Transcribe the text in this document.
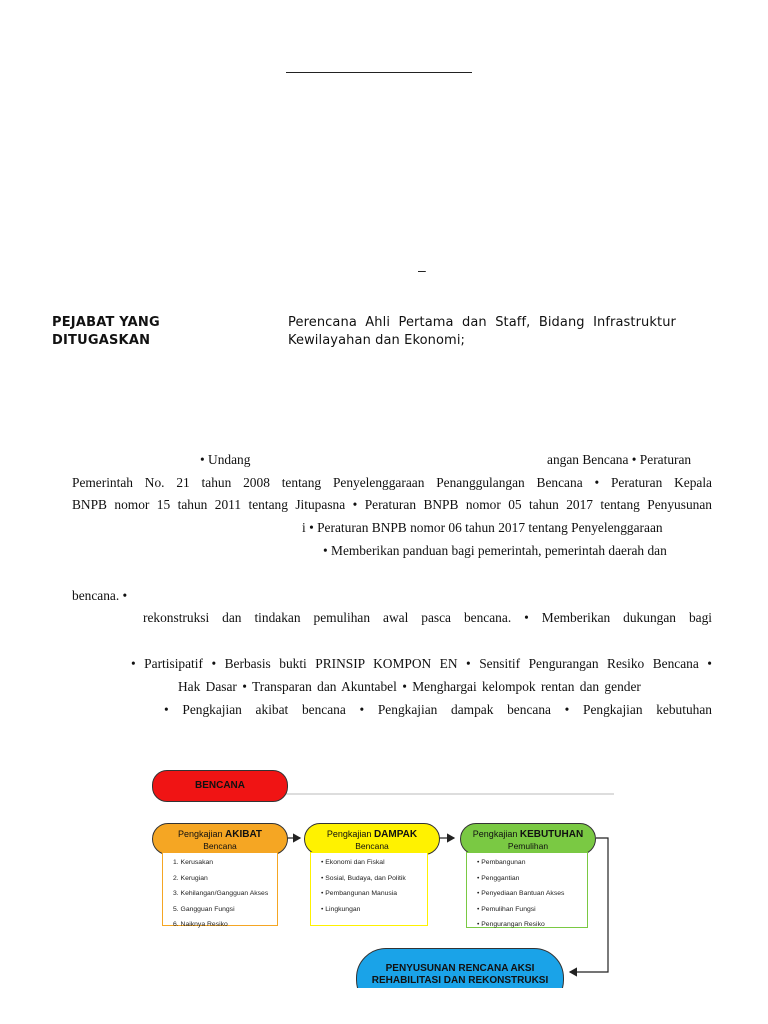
–
PEJABAT YANG
DITUGASKAN
Perencana Ahli Pertama dan Staff, Bidang Infrastruktur Kewilayahan dan Ekonomi;
• Undang	angan Bencana • Peraturan
Pemerintah No. 21 tahun 2008 tentang Penyelenggaraan Penanggulangan Bencana • Peraturan Kepala
BNPB nomor 15 tahun 2011 tentang Jitupasna • Peraturan BNPB nomor 05 tahun 2017 tentang Penyusunan
i • Peraturan BNPB nomor 06 tahun 2017 tentang Penyelenggaraan
• Memberikan panduan bagi pemerintah, pemerintah daerah dan
bencana. •
rekonstruksi dan tindakan pemulihan awal pasca bencana. • Memberikan dukungan bagi
• Partisipatif • Berbasis bukti PRINSIP KOMPON EN • Sensitif Pengurangan Resiko Bencana •
Hak Dasar • Transparan dan Akuntabel • Menghargai kelompok rentan dan gender
• Pengkajian akibat bencana • Pengkajian dampak bencana • Pengkajian kebutuhan
BENCANA
Pengkajian AKIBAT
Bencana
1. Kerusakan
2. Kerugian
3. Kehilangan/Gangguan Akses
5. Gangguan Fungsi
6. Naiknya Resiko
Pengkajian DAMPAK
Bencana
• Ekonomi dan Fiskal
• Sosial, Budaya, dan Politik
• Pembangunan Manusia
• Lingkungan
Pengkajian KEBUTUHAN
Pemulihan
• Pembangunan
• Penggantian
• Penyediaan Bantuan Akses
• Pemulihan Fungsi
• Pengurangan Resiko
PENYUSUNAN RENCANA AKSI
REHABILITASI DAN REKONSTRUKSI
